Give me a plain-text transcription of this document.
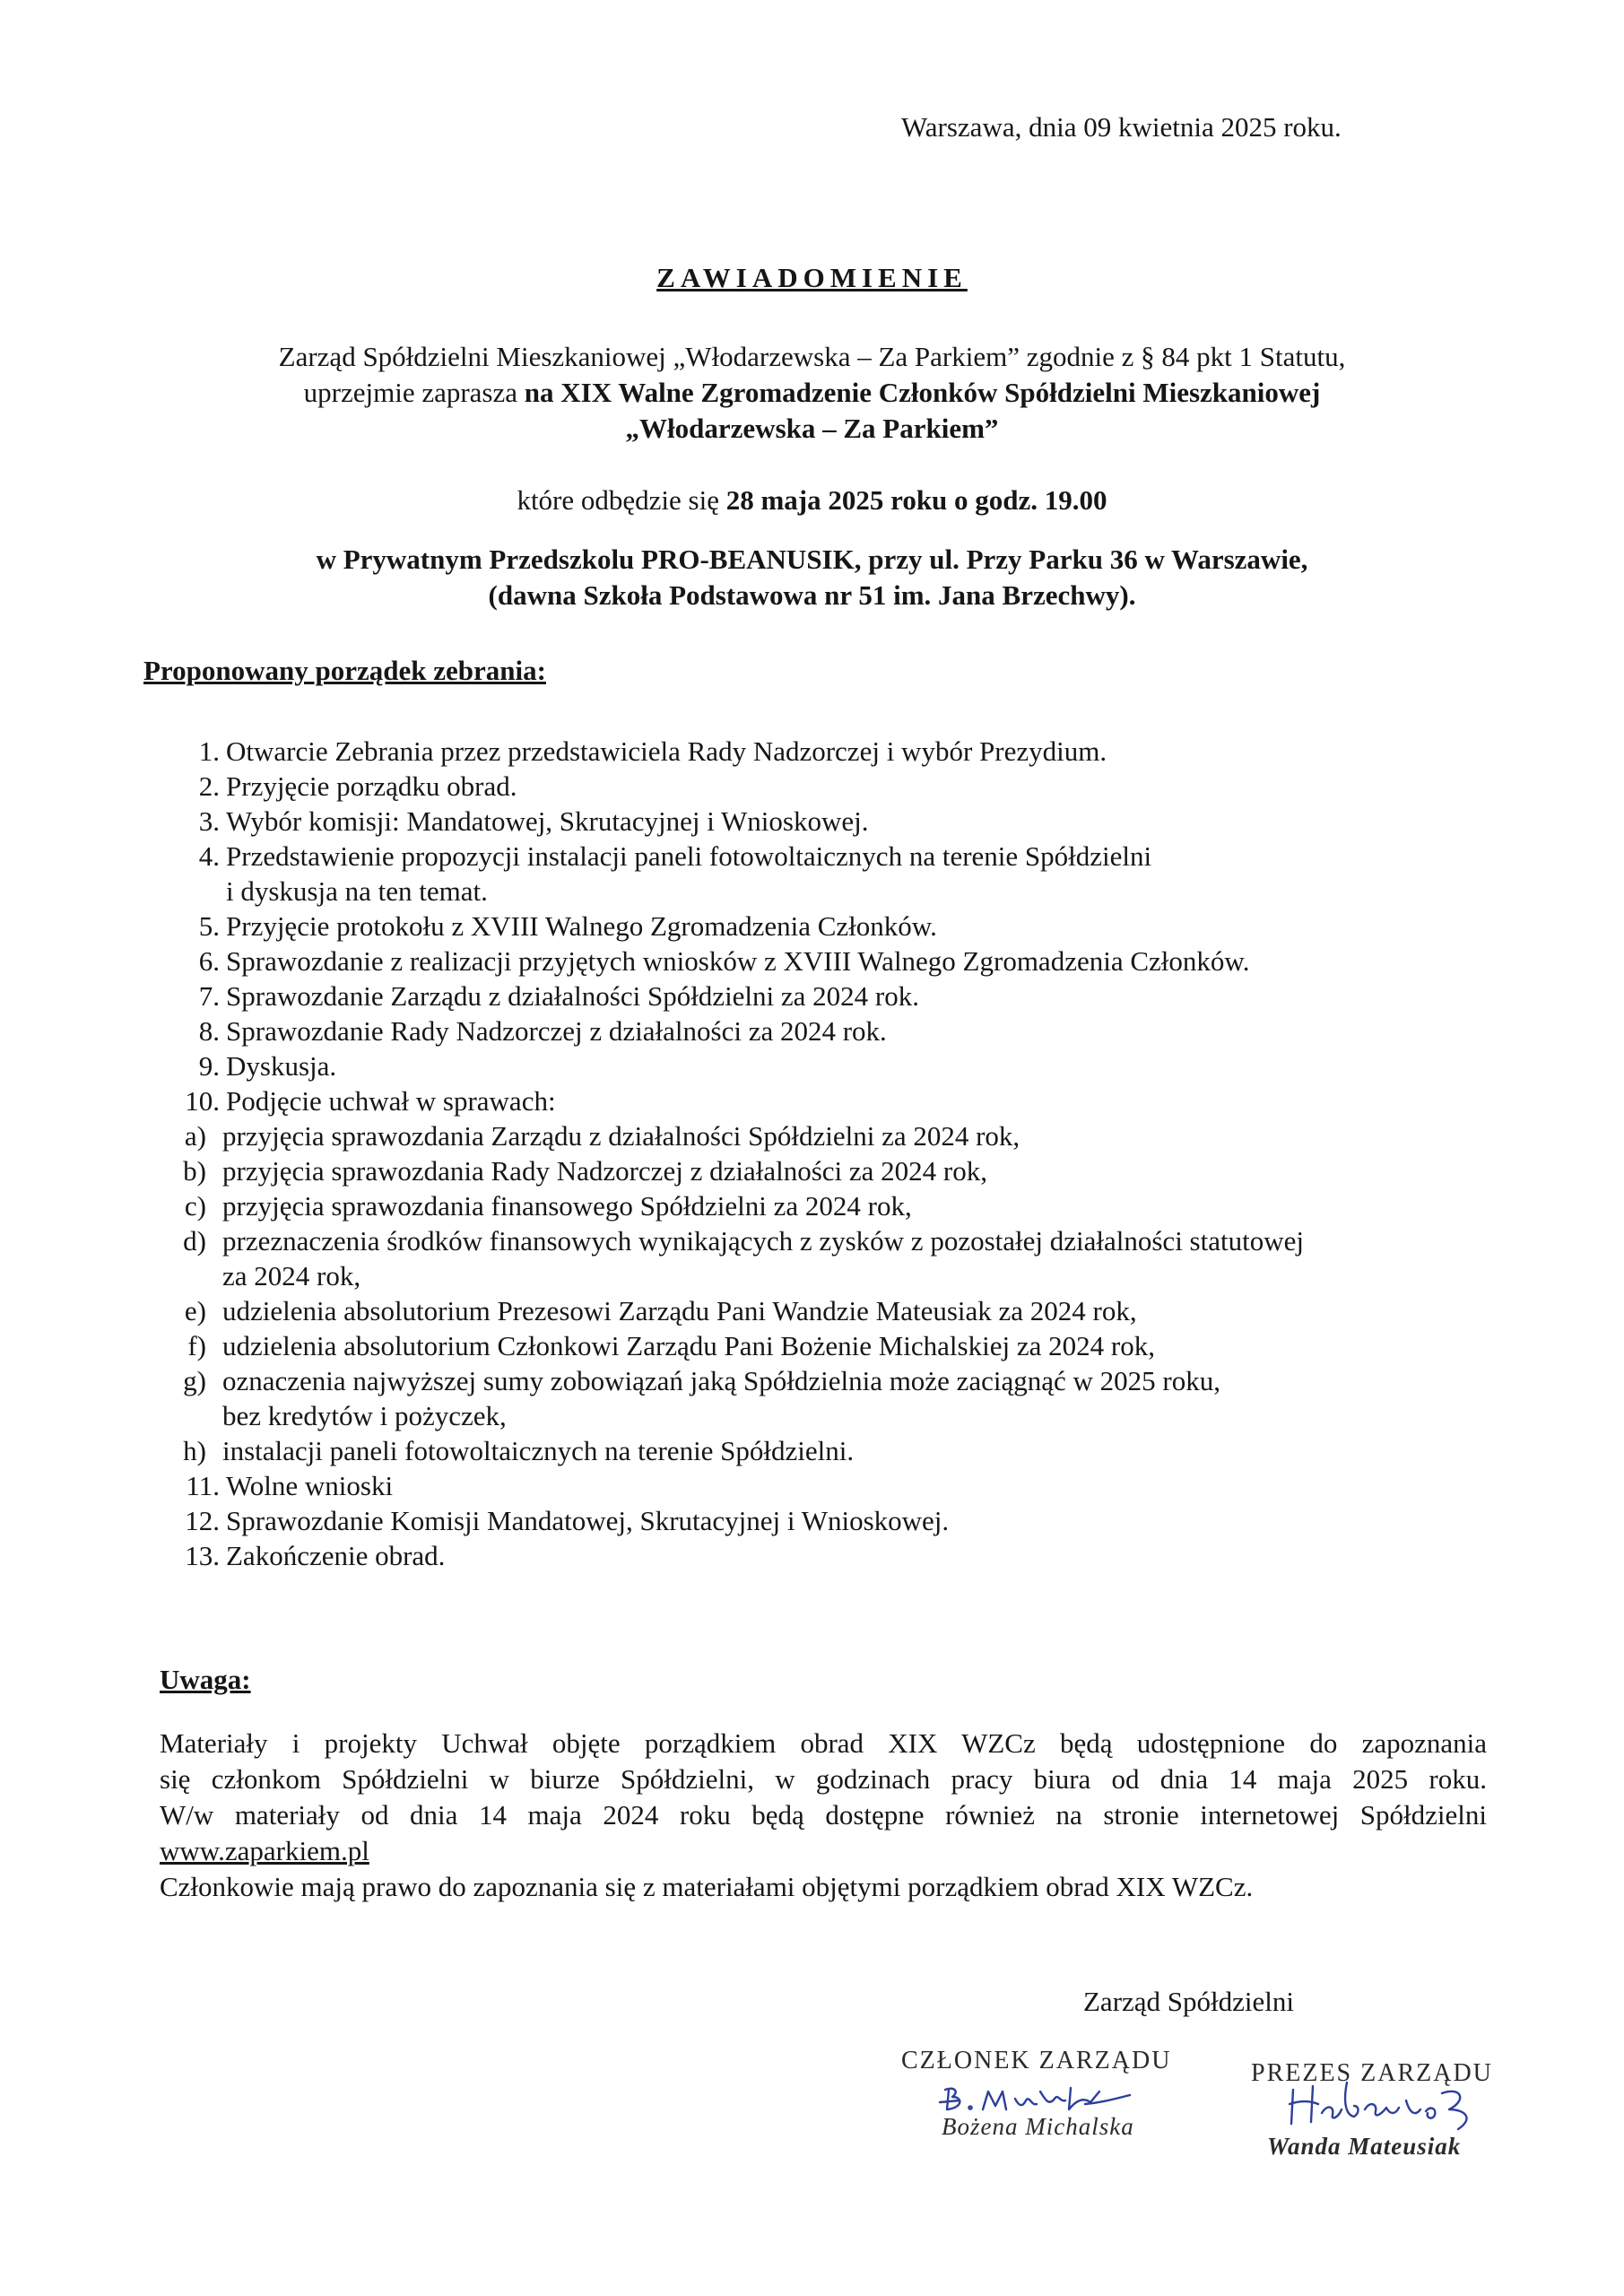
Warszawa, dnia 09 kwietnia 2025 roku.
ZAWIADOMIENIE
Zarząd Spółdzielni Mieszkaniowej „Włodarzewska – Za Parkiem” zgodnie z § 84 pkt 1 Statutu,
uprzejmie zaprasza na XIX Walne Zgromadzenie Członków Spółdzielni Mieszkaniowej
„Włodarzewska – Za Parkiem”
które odbędzie się 28 maja 2025 roku o godz. 19.00
w Prywatnym Przedszkolu PRO-BEANUSIK, przy ul. Przy Parku 36 w Warszawie,
(dawna Szkoła Podstawowa nr 51 im. Jana Brzechwy).
Proponowany porządek zebrania:
1. Otwarcie Zebrania przez przedstawiciela Rady Nadzorczej i wybór Prezydium.
2. Przyjęcie porządku obrad.
3. Wybór komisji: Mandatowej, Skrutacyjnej i Wnioskowej.
4. Przedstawienie propozycji instalacji paneli fotowoltaicznych na terenie Spółdzielni
i dyskusja na ten temat.
5. Przyjęcie protokołu z XVIII Walnego Zgromadzenia Członków.
6. Sprawozdanie z realizacji przyjętych wniosków z XVIII Walnego Zgromadzenia Członków.
7. Sprawozdanie Zarządu z działalności Spółdzielni za 2024 rok.
8. Sprawozdanie Rady Nadzorczej z działalności za 2024 rok.
9. Dyskusja.
10. Podjęcie uchwał w sprawach:
a) przyjęcia sprawozdania Zarządu z działalności Spółdzielni za 2024 rok,
b) przyjęcia sprawozdania Rady Nadzorczej z działalności za 2024 rok,
c) przyjęcia sprawozdania finansowego Spółdzielni za 2024 rok,
d) przeznaczenia środków finansowych wynikających z zysków z pozostałej działalności statutowej
za 2024 rok,
e) udzielenia absolutorium Prezesowi Zarządu Pani Wandzie Mateusiak za 2024 rok,
f) udzielenia absolutorium Członkowi Zarządu Pani Bożenie Michalskiej za 2024 rok,
g) oznaczenia najwyższej sumy zobowiązań jaką Spółdzielnia może zaciągnąć w 2025 roku,
bez kredytów i pożyczek,
h) instalacji paneli fotowoltaicznych na terenie Spółdzielni.
11. Wolne wnioski
12. Sprawozdanie Komisji Mandatowej, Skrutacyjnej i Wnioskowej.
13. Zakończenie obrad.
Uwaga:
Materiały i projekty Uchwał objęte porządkiem obrad XIX WZCz będą udostępnione do zapoznania
się członkom Spółdzielni w biurze Spółdzielni, w godzinach pracy biura od dnia 14 maja 2025 roku.
W/w materiały od dnia 14 maja 2024 roku będą dostępne również na stronie internetowej Spółdzielni
www.zaparkiem.pl
Członkowie mają prawo do zapoznania się z materiałami objętymi porządkiem obrad XIX WZCz.
Zarząd Spółdzielni
CZŁONEK ZARZĄDU
Bożena Michalska
PREZES ZARZĄDU
Wanda Mateusiak
